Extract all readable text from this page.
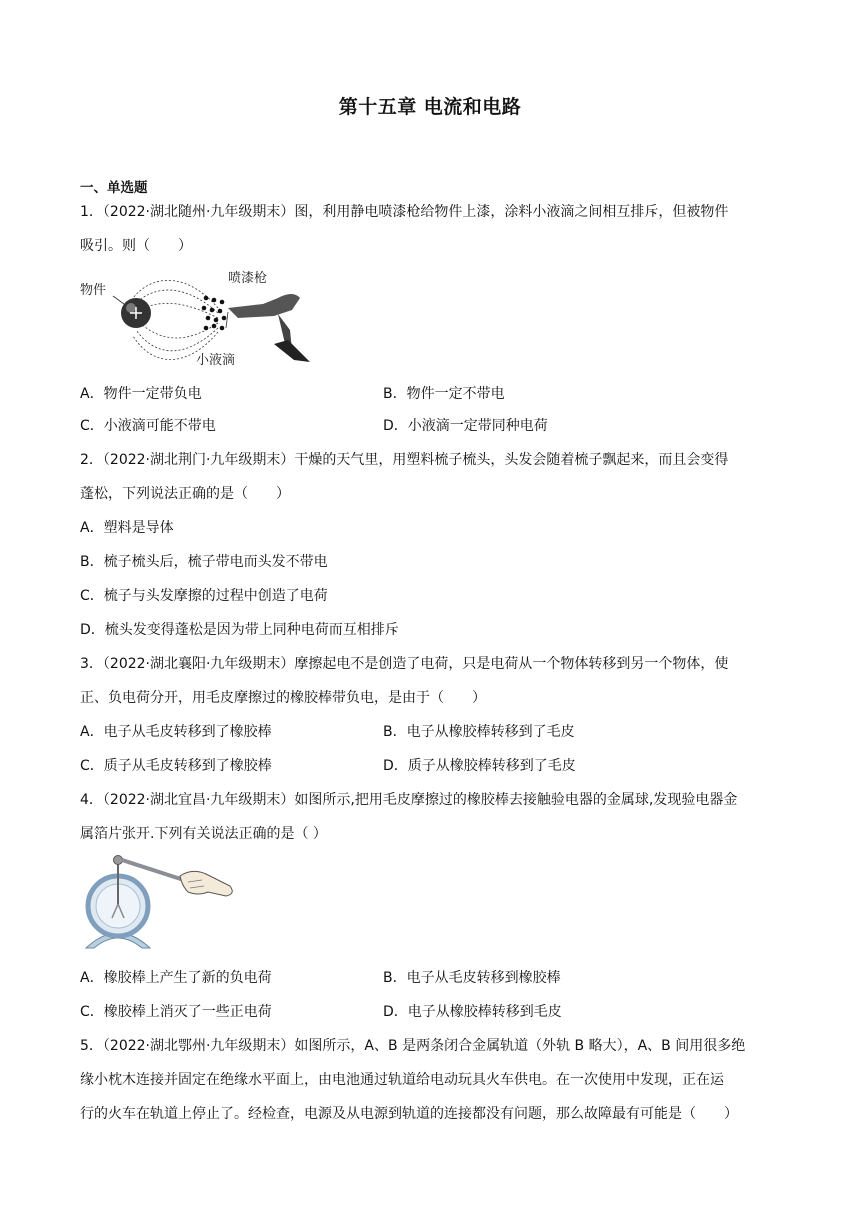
第十五章 电流和电路
一、单选题
1．（2022·湖北随州·九年级期末）图，利用静电喷漆枪给物件上漆，涂料小液滴之间相互排斥，但被物件
吸引。则（　　）
物件
喷漆枪
小液滴
A．物件一定带负电	B．物件一定不带电
C．小液滴可能不带电	D．小液滴一定带同种电荷
2．（2022·湖北荆门·九年级期末）干燥的天气里，用塑料梳子梳头，头发会随着梳子飘起来，而且会变得
蓬松，下列说法正确的是（　　）
A．塑料是导体
B．梳子梳头后，梳子带电而头发不带电
C．梳子与头发摩擦的过程中创造了电荷
D．梳头发变得蓬松是因为带上同种电荷而互相排斥
3．（2022·湖北襄阳·九年级期末）摩擦起电不是创造了电荷，只是电荷从一个物体转移到另一个物体，使
正、负电荷分开，用毛皮摩擦过的橡胶棒带负电，是由于（　　）
A．电子从毛皮转移到了橡胶棒	B．电子从橡胶棒转移到了毛皮
C．质子从毛皮转移到了橡胶棒	D．质子从橡胶棒转移到了毛皮
4．（2022·湖北宜昌·九年级期末）如图所示,把用毛皮摩擦过的橡胶棒去接触验电器的金属球,发现验电器金
属箔片张开.下列有关说法正确的是（ ）
A．橡胶棒上产生了新的负电荷	B．电子从毛皮转移到橡胶棒
C．橡胶棒上消灭了一些正电荷	D．电子从橡胶棒转移到毛皮
5．（2022·湖北鄂州·九年级期末）如图所示，A、B 是两条闭合金属轨道（外轨 B 略大），A、B 间用很多绝
缘小枕木连接并固定在绝缘水平面上，由电池通过轨道给电动玩具火车供电。在一次使用中发现，正在运
行的火车在轨道上停止了。经检查，电源及从电源到轨道的连接都没有问题，那么故障最有可能是（　　）
